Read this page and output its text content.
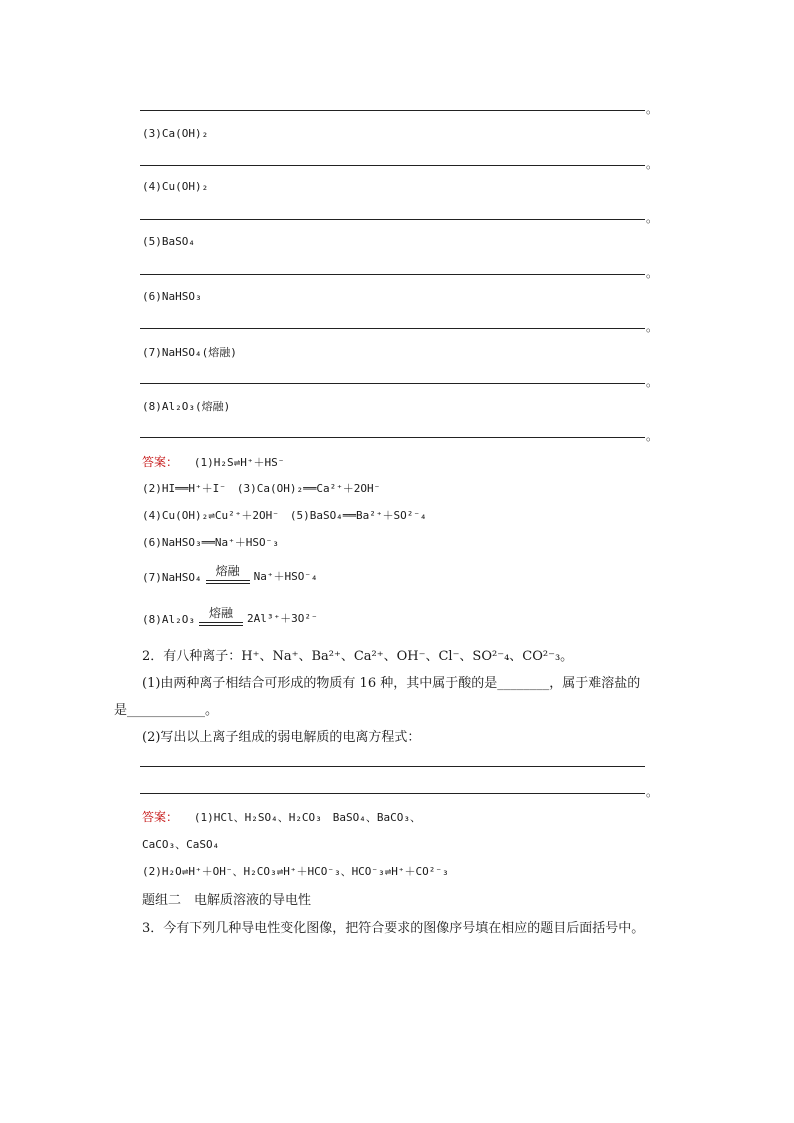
。
(3)Ca(OH)₂
。
(4)Cu(OH)₂
。
(5)BaSO₄
。
(6)NaHSO₃
。
(7)NaHSO₄(熔融)
。
(8)Al₂O₃(熔融)
。
答案： (1)H₂S⇌H⁺＋HS⁻
(2)HI══H⁺＋I⁻　(3)Ca(OH)₂══Ca²⁺＋2OH⁻
(4)Cu(OH)₂⇌Cu²⁺＋2OH⁻　(5)BaSO₄══Ba²⁺＋SO²⁻₄
(6)NaHSO₃══Na⁺＋HSO⁻₃
(7)NaHSO₄	熔融	Na⁺＋HSO⁻₄
(8)Al₂O₃	熔融	2Al³⁺＋3O²⁻
2．有八种离子：H⁺、Na⁺、Ba²⁺、Ca²⁺、OH⁻、Cl⁻、SO²⁻₄、CO²⁻₃。
(1)由两种离子相结合可形成的物质有 16 种，其中属于酸的是________，属于难溶盐的
是____________。
(2)写出以上离子组成的弱电解质的电离方程式：
。
答案： (1)HCl、H₂SO₄、H₂CO₃　BaSO₄、BaCO₃、
CaCO₃、CaSO₄
(2)H₂O⇌H⁺＋OH⁻、H₂CO₃⇌H⁺＋HCO⁻₃、HCO⁻₃⇌H⁺＋CO²⁻₃
题组二　电解质溶液的导电性
3．今有下列几种导电性变化图像，把符合要求的图像序号填在相应的题目后面括号中。
